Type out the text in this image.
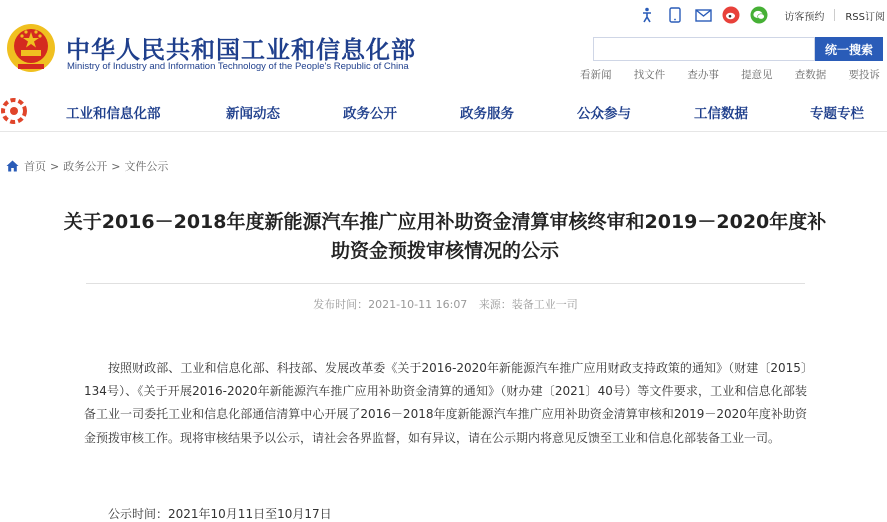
中华人民共和国工业和信息化部
Ministry of Industry and Information Technology of the People's Republic of China
访客预约 RSS订阅
统一搜索
看新闻 找文件 查办事 提意见 查数据 要投诉
工业和信息化部	新闻动态	政务公开	政务服务	公众参与	工信数据	专题专栏
首页 > 政务公开 > 文件公示
关于2016－2018年度新能源汽车推广应用补助资金清算审核终审和2019－2020年度补助资金预拨审核情况的公示
发布时间：2021-10-11 16:07 来源：装备工业一司
按照财政部、工业和信息化部、科技部、发展改革委《关于2016-2020年新能源汽车推广应用财政支持政策的通知》（财建〔2015〕134号）、《关于开展2016-2020年新能源汽车推广应用补助资金清算的通知》（财办建〔2021〕40号）等文件要求，工业和信息化部装备工业一司委托工业和信息化部通信清算中心开展了2016－2018年度新能源汽车推广应用补助资金清算审核和2019－2020年度补助资金预拨审核工作。现将审核结果予以公示，请社会各界监督，如有异议，请在公示期内将意见反馈至工业和信息化部装备工业一司。
公示时间：2021年10月11日至10月17日
